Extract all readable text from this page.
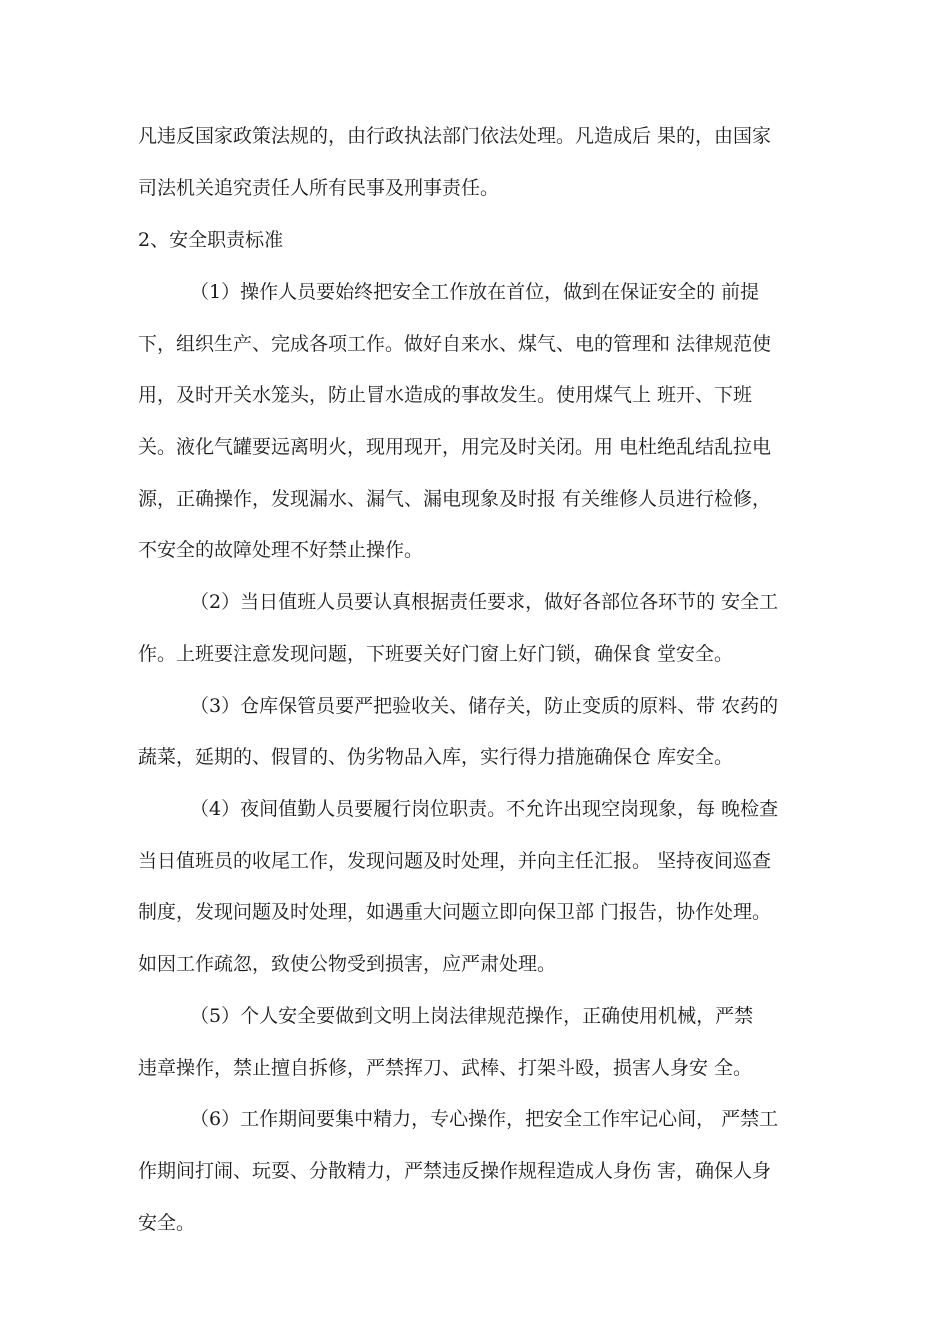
凡违反国家政策法规的，由行政执法部门依法处理。凡造成后 果的，由国家
司法机关追究责任人所有民事及刑事责任。
2、安全职责标准
（1）操作人员要始终把安全工作放在首位，做到在保证安全的 前提
下，组织生产、完成各项工作。做好自来水、煤气、电的管理和 法律规范使
用，及时开关水笼头，防止冒水造成的事故发生。使用煤气上 班开、下班
关。液化气罐要远离明火，现用现开，用完及时关闭。用 电杜绝乱结乱拉电
源，正确操作，发现漏水、漏气、漏电现象及时报 有关维修人员进行检修，
不安全的故障处理不好禁止操作。
（2）当日值班人员要认真根据责任要求，做好各部位各环节的 安全工
作。上班要注意发现问题，下班要关好门窗上好门锁，确保食 堂安全。
（3）仓库保管员要严把验收关、储存关，防止变质的原料、带 农药的
蔬菜，延期的、假冒的、伪劣物品入库，实行得力措施确保仓 库安全。
（4）夜间值勤人员要履行岗位职责。不允许出现空岗现象，每 晚检查
当日值班员的收尾工作，发现问题及时处理，并向主任汇报。 坚持夜间巡查
制度，发现问题及时处理，如遇重大问题立即向保卫部 门报告，协作处理。
如因工作疏忽，致使公物受到损害，应严肃处理。
（5）个人安全要做到文明上岗法律规范操作，正确使用机械，严禁
违章操作，禁止擅自拆修，严禁挥刀、武棒、打架斗殴，损害人身安 全。
（6）工作期间要集中精力，专心操作，把安全工作牢记心间， 严禁工
作期间打闹、玩耍、分散精力，严禁违反操作规程造成人身伤 害，确保人身
安全。
